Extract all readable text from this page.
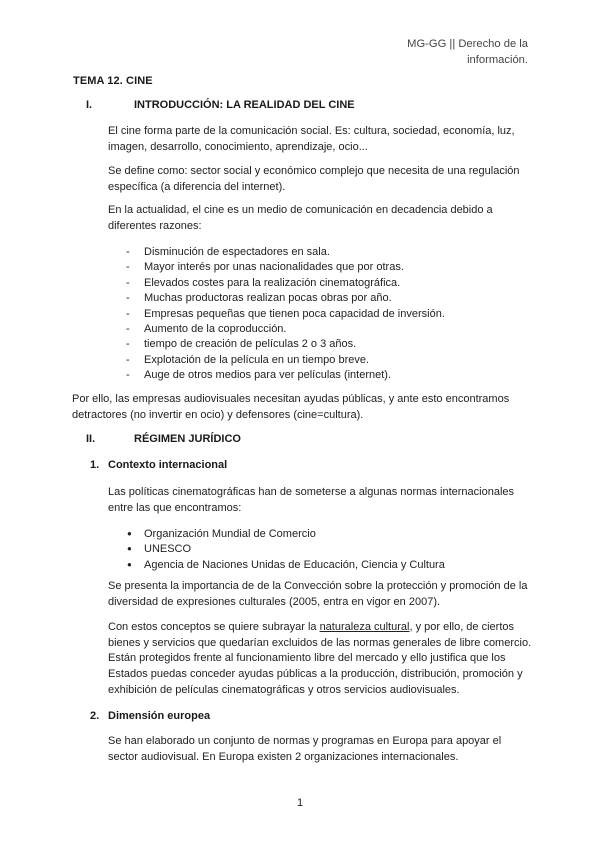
MG-GG || Derecho de la
información.
TEMA 12. CINE
I.	INTRODUCCIÓN: LA REALIDAD DEL CINE
El cine forma parte de la comunicación social. Es: cultura, sociedad, economía, luz, imagen, desarrollo, conocimiento, aprendizaje, ocio...
Se define como: sector social y económico complejo que necesita de una regulación específica (a diferencia del internet).
En la actualidad, el cine es un medio de comunicación en decadencia debido a diferentes razones:
- Disminución de espectadores en sala.
- Mayor interés por unas nacionalidades que por otras.
- Elevados costes para la realización cinematográfica.
- Muchas productoras realizan pocas obras por año.
- Empresas pequeñas que tienen poca capacidad de inversión.
- Aumento de la coproducción.
- tiempo de creación de películas 2 o 3 años.
- Explotación de la película en un tiempo breve.
- Auge de otros medios para ver películas (internet).
Por ello, las empresas audiovisuales necesitan ayudas públicas, y ante esto encontramos detractores (no invertir en ocio) y defensores (cine=cultura).
II.	RÉGIMEN JURÍDICO
1. Contexto internacional
Las políticas cinematográficas han de someterse a algunas normas internacionales entre las que encontramos:
● Organización Mundial de Comercio
● UNESCO
● Agencia de Naciones Unidas de Educación, Ciencia y Cultura
Se presenta la importancia de de la Convección sobre la protección y promoción de la diversidad de expresiones culturales (2005, entra en vigor en 2007).
Con estos conceptos se quiere subrayar la naturaleza cultural, y por ello, de ciertos bienes y servicios que quedarían excluidos de las normas generales de libre comercio. Están protegidos frente al funcionamiento libre del mercado y ello justifica que los Estados puedas conceder ayudas públicas a la producción, distribución, promoción y exhibición de películas cinematográficas y otros servicios audiovisuales.
2. Dimensión europea
Se han elaborado un conjunto de normas y programas en Europa para apoyar el sector audiovisual. En Europa existen 2 organizaciones internacionales.
1
